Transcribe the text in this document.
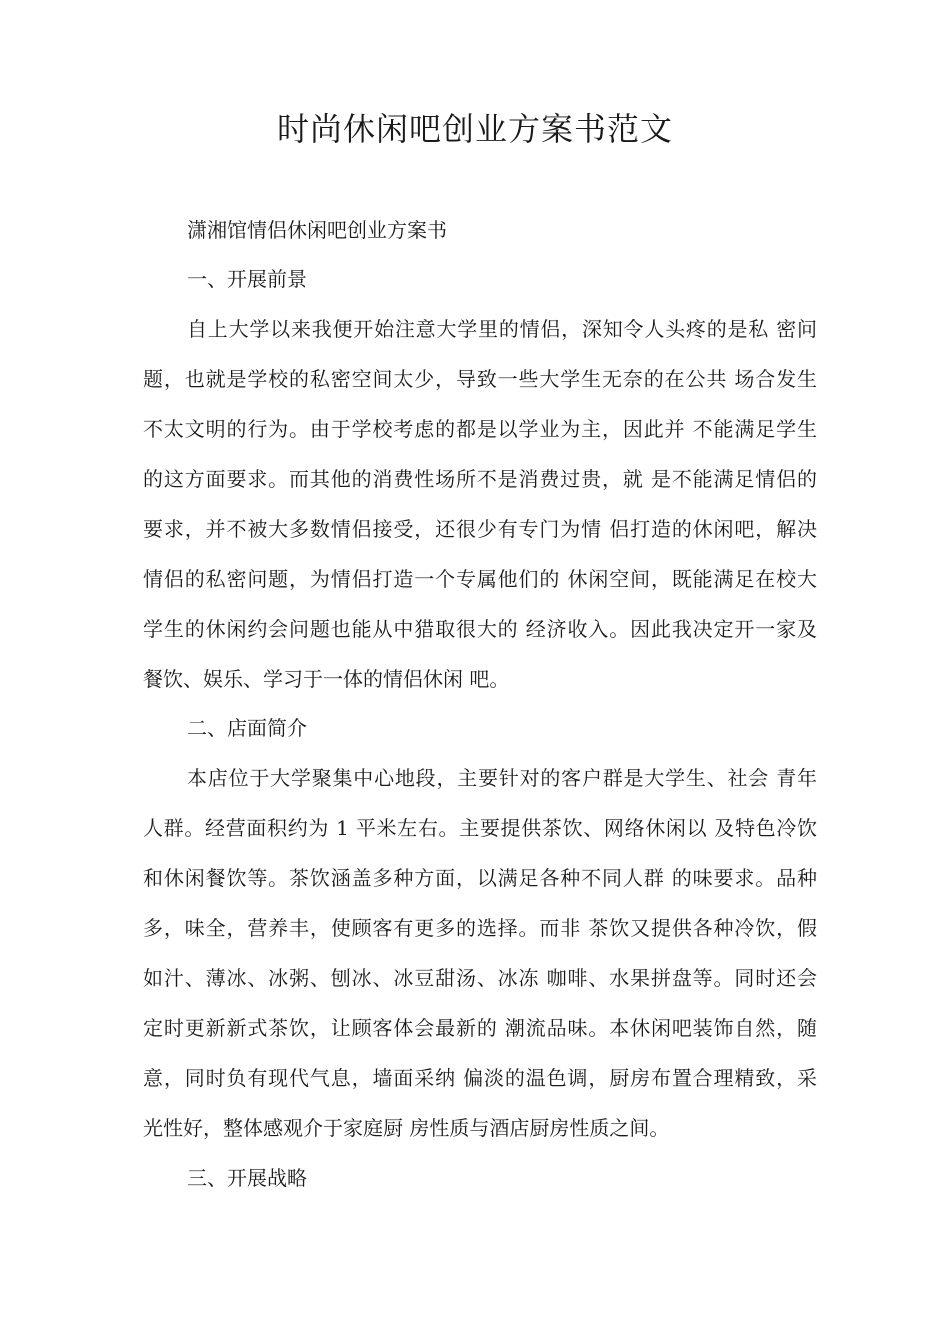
时尚休闲吧创业方案书范文

潇湘馆情侣休闲吧创业方案书

一、开展前景

自上大学以来我便开始注意大学里的情侣，深知令人头疼的是私 密问

题，也就是学校的私密空间太少，导致一些大学生无奈的在公共 场合发生

不太文明的行为。由于学校考虑的都是以学业为主，因此并 不能满足学生

的这方面要求。而其他的消费性场所不是消费过贵，就 是不能满足情侣的

要求，并不被大多数情侣接受，还很少有专门为情 侣打造的休闲吧，解决

情侣的私密问题，为情侣打造一个专属他们的 休闲空间，既能满足在校大

学生的休闲约会问题也能从中猎取很大的 经济收入。因此我决定开一家及

餐饮、娱乐、学习于一体的情侣休闲 吧。

二、店面简介

本店位于大学聚集中心地段，主要针对的客户群是大学生、社会 青年

人群。经营面积约为 1 平米左右。主要提供茶饮、网络休闲以 及特色冷饮

和休闲餐饮等。茶饮涵盖多种方面，以满足各种不同人群 的味要求。品种

多，味全，营养丰，使顾客有更多的选择。而非 茶饮又提供各种冷饮，假

如汁、薄冰、冰粥、刨冰、冰豆甜汤、冰冻 咖啡、水果拼盘等。同时还会

定时更新新式茶饮，让顾客体会最新的 潮流品味。本休闲吧装饰自然，随

意，同时负有现代气息，墙面采纳 偏淡的温色调，厨房布置合理精致，采

光性好，整体感观介于家庭厨 房性质与酒店厨房性质之间。

三、开展战略
